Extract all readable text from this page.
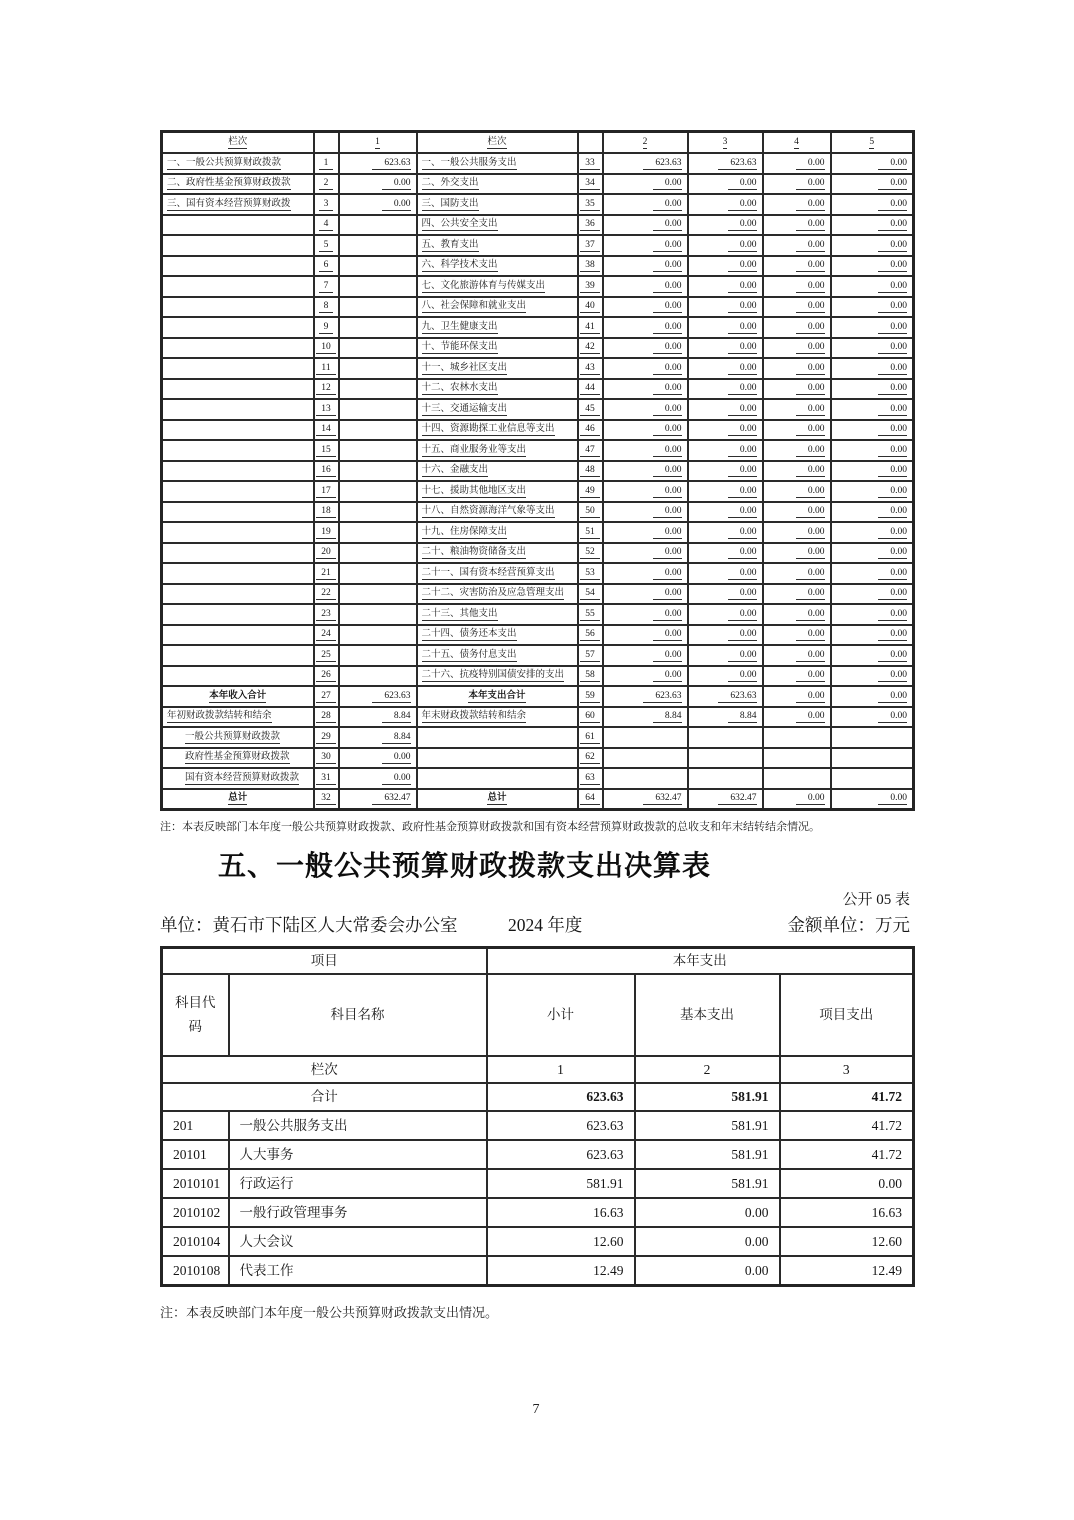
栏次		1	栏次		2	3	4	5
一、一般公共预算财政拨款	1	623.63	一、一般公共服务支出	33	623.63	623.63	0.00	0.00
二、政府性基金预算财政拨款	2	0.00	二、外交支出	34	0.00	0.00	0.00	0.00
三、国有资本经营预算财政拨	3	0.00	三、国防支出	35	0.00	0.00	0.00	0.00
	4		四、公共安全支出	36	0.00	0.00	0.00	0.00
	5		五、教育支出	37	0.00	0.00	0.00	0.00
	6		六、科学技术支出	38	0.00	0.00	0.00	0.00
	7		七、文化旅游体育与传媒支出	39	0.00	0.00	0.00	0.00
	8		八、社会保障和就业支出	40	0.00	0.00	0.00	0.00
	9		九、卫生健康支出	41	0.00	0.00	0.00	0.00
	10		十、节能环保支出	42	0.00	0.00	0.00	0.00
	11		十一、城乡社区支出	43	0.00	0.00	0.00	0.00
	12		十二、农林水支出	44	0.00	0.00	0.00	0.00
	13		十三、交通运输支出	45	0.00	0.00	0.00	0.00
	14		十四、资源勘探工业信息等支出	46	0.00	0.00	0.00	0.00
	15		十五、商业服务业等支出	47	0.00	0.00	0.00	0.00
	16		十六、金融支出	48	0.00	0.00	0.00	0.00
	17		十七、援助其他地区支出	49	0.00	0.00	0.00	0.00
	18		十八、自然资源海洋气象等支出	50	0.00	0.00	0.00	0.00
	19		十九、住房保障支出	51	0.00	0.00	0.00	0.00
	20		二十、粮油物资储备支出	52	0.00	0.00	0.00	0.00
	21		二十一、国有资本经营预算支出	53	0.00	0.00	0.00	0.00
	22		二十二、灾害防治及应急管理支出	54	0.00	0.00	0.00	0.00
	23		二十三、其他支出	55	0.00	0.00	0.00	0.00
	24		二十四、债务还本支出	56	0.00	0.00	0.00	0.00
	25		二十五、债务付息支出	57	0.00	0.00	0.00	0.00
	26		二十六、抗疫特别国债安排的支出	58	0.00	0.00	0.00	0.00
本年收入合计	27	623.63	本年支出合计	59	623.63	623.63	0.00	0.00
年初财政拨款结转和结余	28	8.84	年末财政拨款结转和结余	60	8.84	8.84	0.00	0.00
一般公共预算财政拨款	29	8.84		61				
政府性基金预算财政拨款	30	0.00		62				
国有资本经营预算财政拨款	31	0.00		63				
总计	32	632.47	总计	64	632.47	632.47	0.00	0.00
注：本表反映部门本年度一般公共预算财政拨款、政府性基金预算财政拨款和国有资本经营预算财政拨款的总收支和年末结转结余情况。
五、一般公共预算财政拨款支出决算表
公开 05 表
单位：黄石市下陆区人大常委会办公室	2024 年度	金额单位：万元
项目		本年支出		
科目代码	科目名称	小计	基本支出	项目支出
栏次		1	2	3
合计		623.63	581.91	41.72
201	一般公共服务支出	623.63	581.91	41.72
20101	人大事务	623.63	581.91	41.72
2010101	行政运行	581.91	581.91	0.00
2010102	一般行政管理事务	16.63	0.00	16.63
2010104	人大会议	12.60	0.00	12.60
2010108	代表工作	12.49	0.00	12.49
注：本表反映部门本年度一般公共预算财政拨款支出情况。
7
